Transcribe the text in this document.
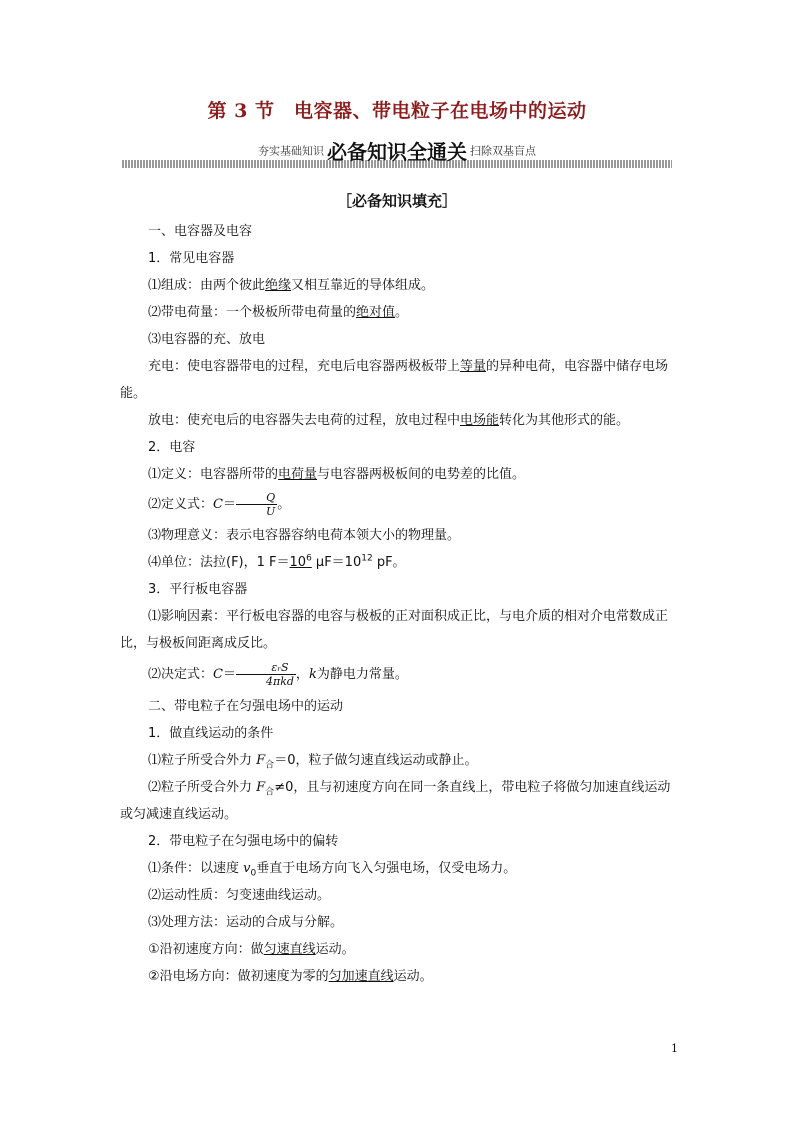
第 3 节　电容器、带电粒子在电场中的运动
夯实基础知识 必备知识全通关 扫除双基盲点
［必备知识填充］

一、电容器及电容

1．常见电容器

⑴组成：由两个彼此绝缘又相互靠近的导体组成。

⑵带电荷量：一个极板所带电荷量的绝对值。

⑶电容器的充、放电

充电：使电容器带电的过程，充电后电容器两极板带上等量的异种电荷，电容器中储存电场能。

放电：使充电后的电容器失去电荷的过程，放电过程中电场能转化为其他形式的能。

2．电容

⑴定义：电容器所带的电荷量与电容器两极板间的电势差的比值。

⑵定义式：$C= \frac{Q}{U}$ 。

⑶物理意义：表示电容器容纳电荷本领大小的物理量。

⑷单位：法拉(F)，1 $F=10^6$ $\mu F=10^{12}$ pF。

3．平行板电容器

⑴影响因素：平行板电容器的电容与极板的正对面积成正比，与电介质的相对介电常数成正比，与极板间距离成反比。

⑵决定式：$C= \frac{\text{εᵣS}}{\text{4πkd}}$ ，k为静电力常量。

二、带电粒子在匀强电场中的运动

1．做直线运动的条件

⑴粒子所受合外力 $F_合=0$，粒子做匀速直线运动或静止。

⑵粒子所受合外力 $F_合\ne 0$，且与初速度方向在同一条直线上，带电粒子将做匀加速直线运动或匀减速直线运动。

2．带电粒子在匀强电场中的偏转

⑴条件：以速度 $v_0$垂直于电场方向飞入匀强电场，仅受电场力。

⑵运动性质：匀变速曲线运动。

⑶处理方法：运动的合成与分解。

①沿初速度方向：做匀速直线运动。

②沿电场方向：做初速度为零的匀加速直线运动。

1
